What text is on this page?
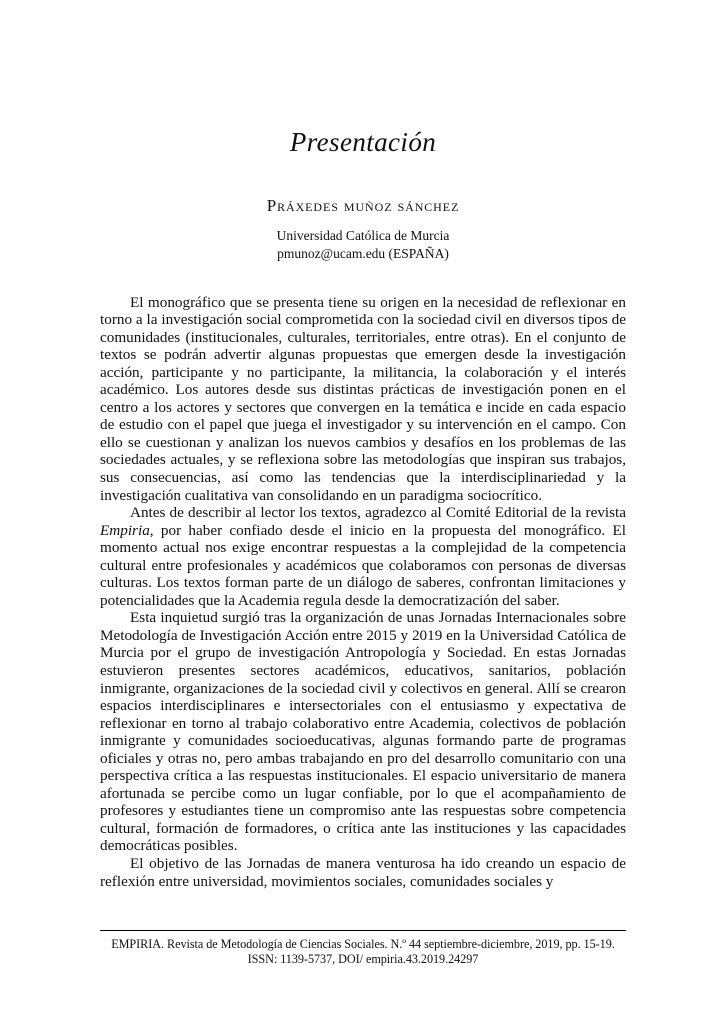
Presentación
Práxedes muñoz sánchez
Universidad Católica de Murcia
pmunoz@ucam.edu (ESPAÑA)

El monográfico que se presenta tiene su origen en la necesidad de reflexionar en torno a la investigación social comprometida con la sociedad civil en diversos tipos de comunidades (institucionales, culturales, territoriales, entre otras). En el conjunto de textos se podrán advertir algunas propuestas que emergen desde la investigación acción, participante y no participante, la militancia, la colaboración y el interés académico. Los autores desde sus distintas prácticas de investigación ponen en el centro a los actores y sectores que convergen en la temática e incide en cada espacio de estudio con el papel que juega el investigador y su intervención en el campo. Con ello se cuestionan y analizan los nuevos cambios y desafíos en los problemas de las sociedades actuales, y se reflexiona sobre las metodologías que inspiran sus trabajos, sus consecuencias, así como las tendencias que la interdisciplinariedad y la investigación cualitativa van consolidando en un paradigma sociocrítico.

Antes de describir al lector los textos, agradezco al Comité Editorial de la revista Empiria, por haber confiado desde el inicio en la propuesta del monográfico. El momento actual nos exige encontrar respuestas a la complejidad de la competencia cultural entre profesionales y académicos que colaboramos con personas de diversas culturas. Los textos forman parte de un diálogo de saberes, confrontan limitaciones y potencialidades que la Academia regula desde la democratización del saber.

Esta inquietud surgió tras la organización de unas Jornadas Internacionales sobre Metodología de Investigación Acción entre 2015 y 2019 en la Universidad Católica de Murcia por el grupo de investigación Antropología y Sociedad. En estas Jornadas estuvieron presentes sectores académicos, educativos, sanitarios, población inmigrante, organizaciones de la sociedad civil y colectivos en general. Allí se crearon espacios interdisciplinares e intersectoriales con el entusiasmo y expectativa de reflexionar en torno al trabajo colaborativo entre Academia, colectivos de población inmigrante y comunidades socioeducativas, algunas formando parte de programas oficiales y otras no, pero ambas trabajando en pro del desarrollo comunitario con una perspectiva crítica a las respuestas institucionales. El espacio universitario de manera afortunada se percibe como un lugar confiable, por lo que el acompañamiento de profesores y estudiantes tiene un compromiso ante las respuestas sobre competencia cultural, formación de formadores, o crítica ante las instituciones y las capacidades democráticas posibles.

El objetivo de las Jornadas de manera venturosa ha ido creando un espacio de reflexión entre universidad, movimientos sociales, comunidades sociales y

EMPIRIA. Revista de Metodología de Ciencias Sociales. N.º 44 septiembre-diciembre, 2019, pp. 15-19.
ISSN: 1139-5737, DOI/ empiria.43.2019.24297
